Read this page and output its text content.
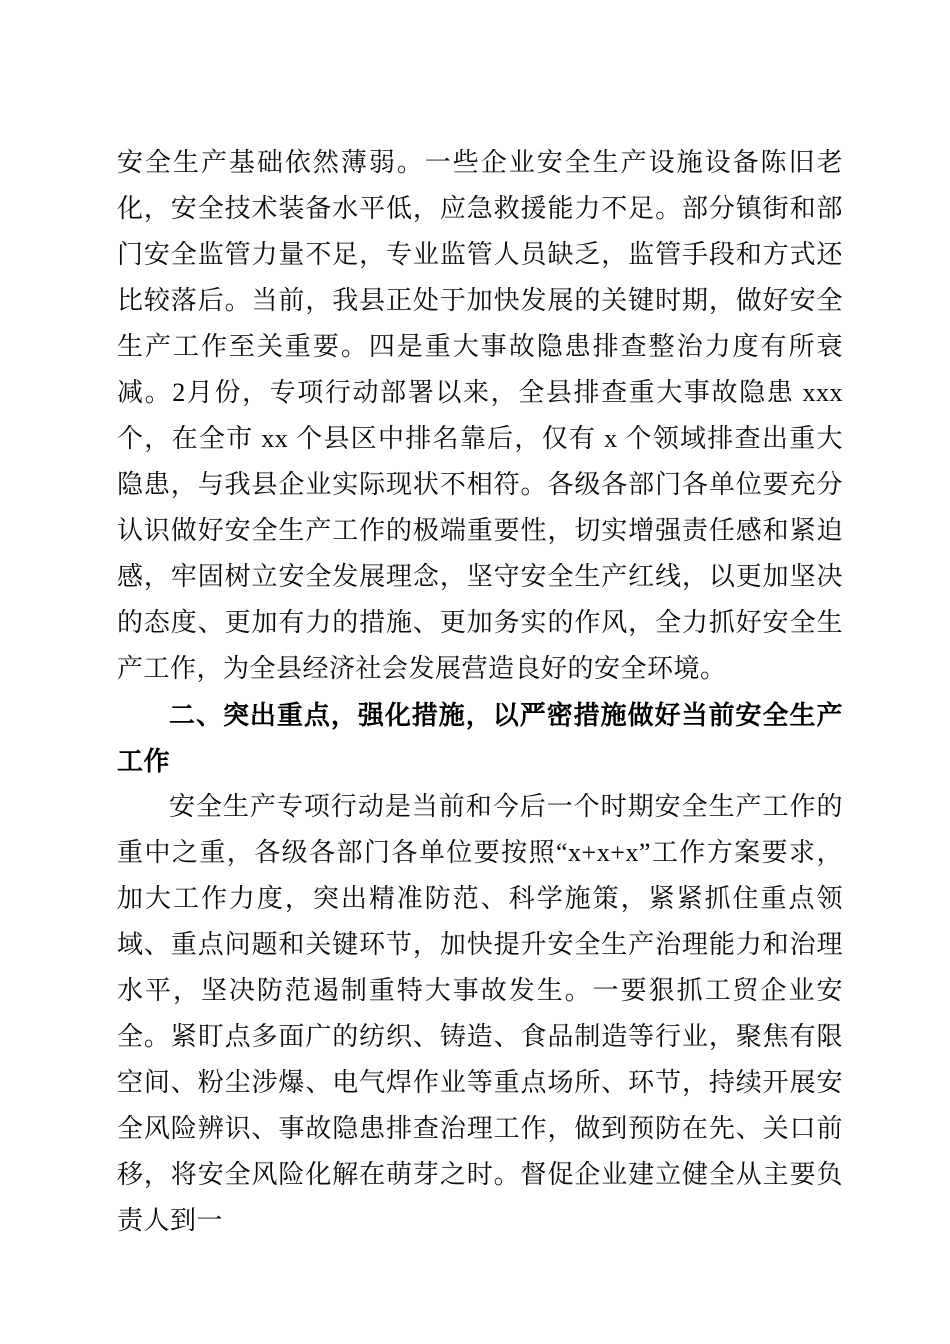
安全生产基础依然薄弱。一些企业安全生产设施设备陈旧老化，安全技术装备水平低，应急救援能力不足。部分镇街和部门安全监管力量不足，专业监管人员缺乏，监管手段和方式还比较落后。当前，我县正处于加快发展的关键时期，做好安全生产工作至关重要。四是重大事故隐患排查整治力度有所衰减。2月份，专项行动部署以来，全县排查重大事故隐患 xxx 个，在全市 xx 个县区中排名靠后，仅有 x 个领域排查出重大隐患，与我县企业实际现状不相符。各级各部门各单位要充分认识做好安全生产工作的极端重要性，切实增强责任感和紧迫感，牢固树立安全发展理念，坚守安全生产红线，以更加坚决的态度、更加有力的措施、更加务实的作风，全力抓好安全生产工作，为全县经济社会发展营造良好的安全环境。

二、突出重点，强化措施，以严密措施做好当前安全生产工作

安全生产专项行动是当前和今后一个时期安全生产工作的重中之重，各级各部门各单位要按照“x+x+x”工作方案要求，加大工作力度，突出精准防范、科学施策，紧紧抓住重点领域、重点问题和关键环节，加快提升安全生产治理能力和治理水平，坚决防范遏制重特大事故发生。一要狠抓工贸企业安全。紧盯点多面广的纺织、铸造、食品制造等行业，聚焦有限空间、粉尘涉爆、电气焊作业等重点场所、环节，持续开展安全风险辨识、事故隐患排查治理工作，做到预防在先、关口前移，将安全风险化解在萌芽之时。督促企业建立健全从主要负责人到一
